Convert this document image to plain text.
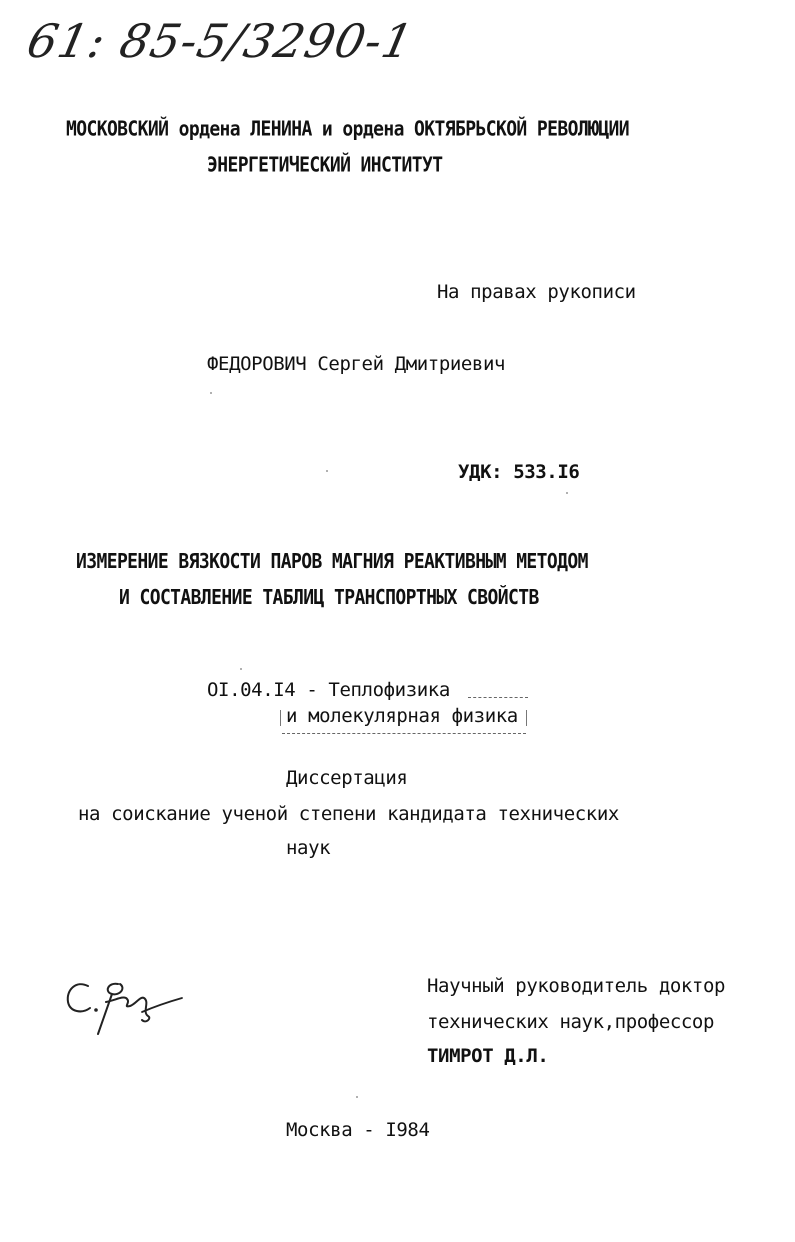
61: 85-5/3290-1
МОСКОВСКИЙ ордена ЛЕНИНА и ордена ОКТЯБРЬСКОЙ РЕВОЛЮЦИИ
ЭНЕРГЕТИЧЕСКИЙ ИНСТИТУТ
На правах рукописи
ФЕДОРОВИЧ Сергей Дмитриевич
УДК: 533.I6
ИЗМЕРЕНИЕ ВЯЗКОСТИ ПАРОВ МАГНИЯ РЕАКТИВНЫМ МЕТОДОМ
И СОСТАВЛЕНИЕ ТАБЛИЦ ТРАНСПОРТНЫХ СВОЙСТВ
OI.04.I4 - Теплофизика
и молекулярная физика
Диссертация
на соискание ученой степени кандидата технических
наук
Научный руководитель доктор
технических наук,профессор
ТИМРОТ Д.Л.
Москва - I984
